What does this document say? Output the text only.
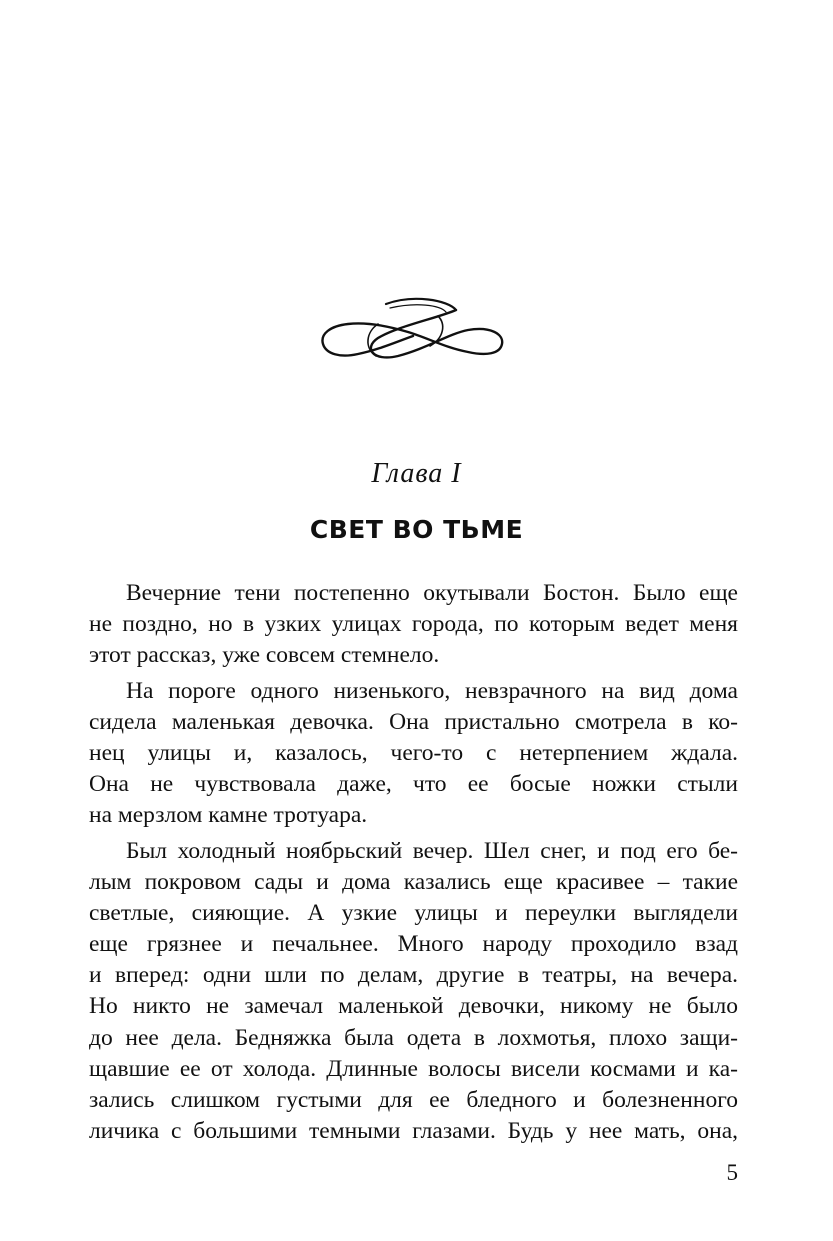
Глава I
СВЕТ ВО ТЬМЕ
Вечерние тени постепенно окутывали Бостон. Было еще
не поздно, но в узких улицах города, по которым ведет меня
этот рассказ, уже совсем стемнело.
На пороге одного низенького, невзрачного на вид дома
сидела маленькая девочка. Она пристально смотрела в ко-
нец улицы и, казалось, чего-то с нетерпением ждала.
Она не чувствовала даже, что ее босые ножки стыли
на мерзлом камне тротуара.
Был холодный ноябрьский вечер. Шел снег, и под его бе-
лым покровом сады и дома казались еще красивее – такие
светлые, сияющие. А узкие улицы и переулки выглядели
еще грязнее и печальнее. Много народу проходило взад
и вперед: одни шли по делам, другие в театры, на вечера.
Но никто не замечал маленькой девочки, никому не было
до нее дела. Бедняжка была одета в лохмотья, плохо защи-
щавшие ее от холода. Длинные волосы висели космами и ка-
зались слишком густыми для ее бледного и болезненного
личика с большими темными глазами. Будь у нее мать, она,
5
